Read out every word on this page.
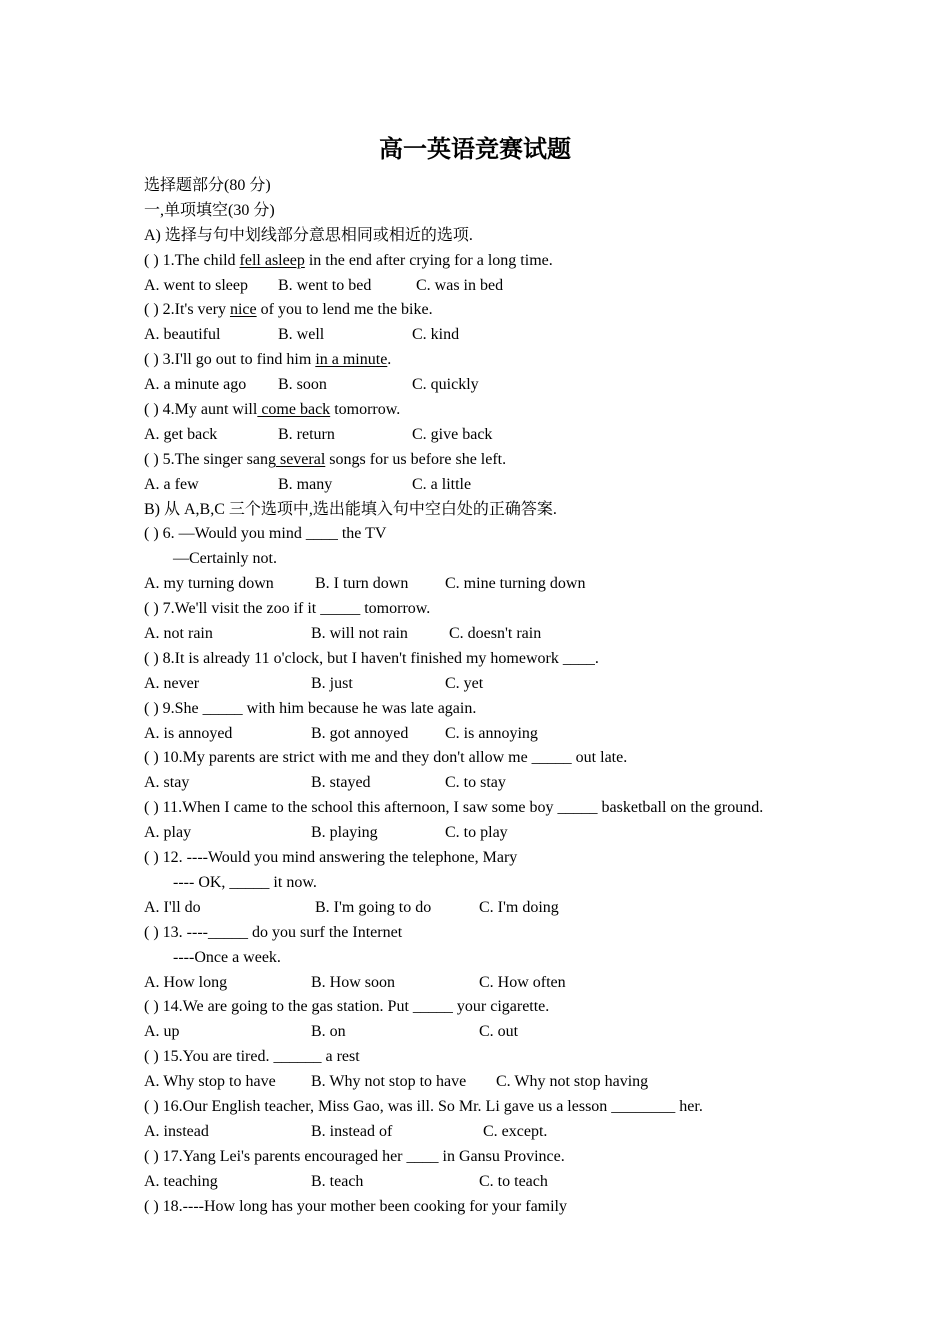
高一英语竞赛试题
选择题部分(80 分)
一,单项填空(30 分)
A) 选择与句中划线部分意思相同或相近的选项.
( ) 1.The child fell asleep in the end after crying for a long time.
A. went to sleep B. went to bed	C. was in bed
( ) 2.It's very nice of you to lend me the bike.
A. beautiful	B. well	C. kind
( ) 3.I'll go out to find him in a minute.
A. a minute ago B. soon	C. quickly
( ) 4.My aunt will come back tomorrow.
A. get back	B. return	C. give back
( ) 5.The singer sang several songs for us before she left.
A. a few	B. many	C. a little
B) 从 A,B,C 三个选项中,选出能填入句中空白处的正确答案.
( ) 6. —Would you mind ____ the TV
—Certainly not.
A. my turning down	B. I turn down C. mine turning down
( ) 7.We'll visit the zoo if it _____ tomorrow.
A. not rain	B. will not rain	C. doesn't rain
( ) 8.It is already 11 o'clock, but I haven't finished my homework ____.
A. never	B. just	C. yet
( ) 9.She _____ with him because he was late again.
A. is annoyed	B. got annoyed C. is annoying
( ) 10.My parents are strict with me and they don't allow me _____ out late.
A. stay	B. stayed	C. to stay
( ) 11.When I came to the school this afternoon, I saw some boy _____ basketball on the ground.
A. play	B. playing	C. to play
( ) 12. ----Would you mind answering the telephone, Mary
---- OK, _____ it now.
A. I'll do	B. I'm going to do	C. I'm doing
( ) 13. ----_____ do you surf the Internet
----Once a week.
A. How long	B. How soon	C. How often
( ) 14.We are going to the gas station. Put _____ your cigarette.
A. up	B. on	C. out
( ) 15.You are tired. ______ a rest
A. Why stop to have B. Why not stop to have C. Why not stop having
( ) 16.Our English teacher, Miss Gao, was ill. So Mr. Li gave us a lesson ________ her.
A. instead	B. instead of	C. except.
( ) 17.Yang Lei's parents encouraged her ____ in Gansu Province.
A. teaching	B. teach	C. to teach
( ) 18.----How long has your mother been cooking for your family
